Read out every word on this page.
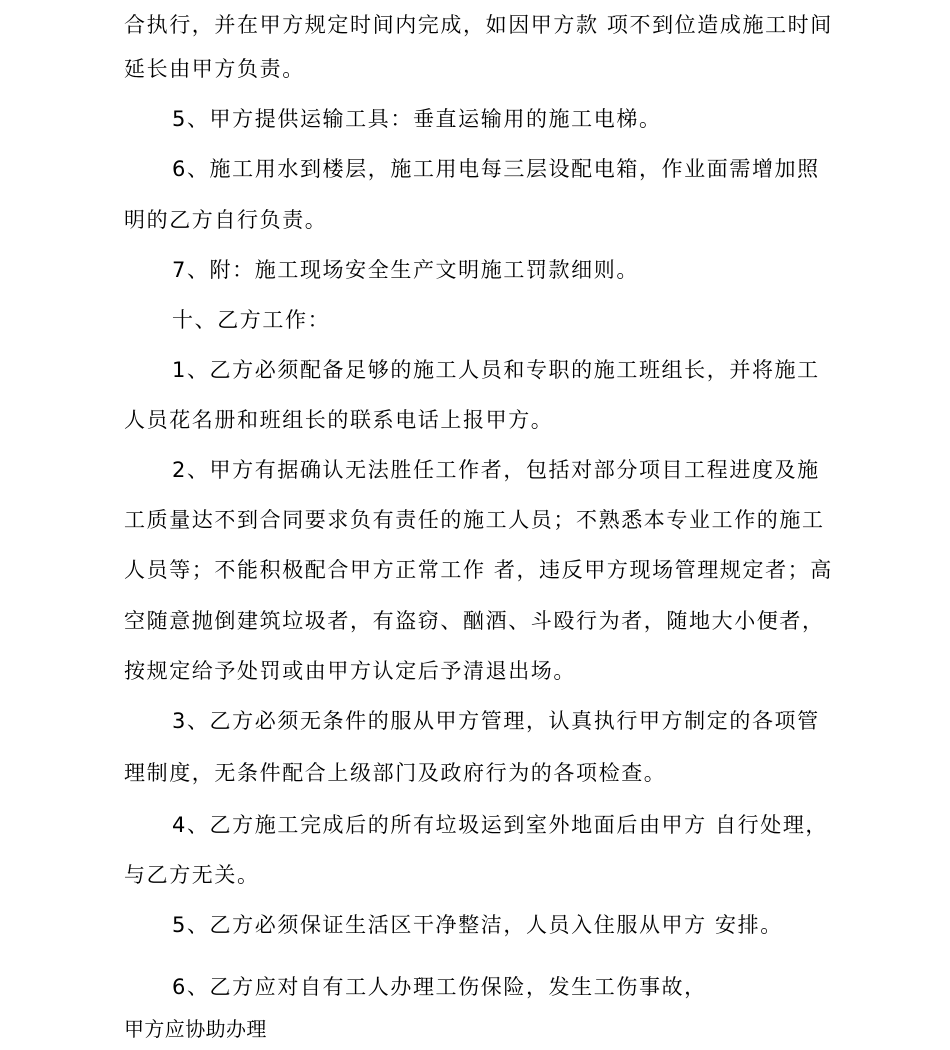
合执行，并在甲方规定时间内完成，如因甲方款 项不到位造成施工时间
延长由甲方负责。
5、甲方提供运输工具：垂直运输用的施工电梯。
6、施工用水到楼层，施工用电每三层设配电箱，作业面需增加照
明的乙方自行负责。
7、附：施工现场安全生产文明施工罚款细则。
十、乙方工作：
1、乙方必须配备足够的施工人员和专职的施工班组长，并将施工
人员花名册和班组长的联系电话上报甲方。
2、甲方有据确认无法胜任工作者，包括对部分项目工程进度及施
工质量达不到合同要求负有责任的施工人员；不熟悉本专业工作的施工
人员等；不能积极配合甲方正常工作 者，违反甲方现场管理规定者；高
空随意抛倒建筑垃圾者，有盗窃、酗酒、斗殴行为者，随地大小便者，
按规定给予处罚或由甲方认定后予清退出场。
3、乙方必须无条件的服从甲方管理，认真执行甲方制定的各项管
理制度，无条件配合上级部门及政府行为的各项检查。
4、乙方施工完成后的所有垃圾运到室外地面后由甲方 自行处理，
与乙方无关。
5、乙方必须保证生活区干净整洁，人员入住服从甲方 安排。
6、乙方应对自有工人办理工伤保险，发生工伤事故，
甲方应协助办理
